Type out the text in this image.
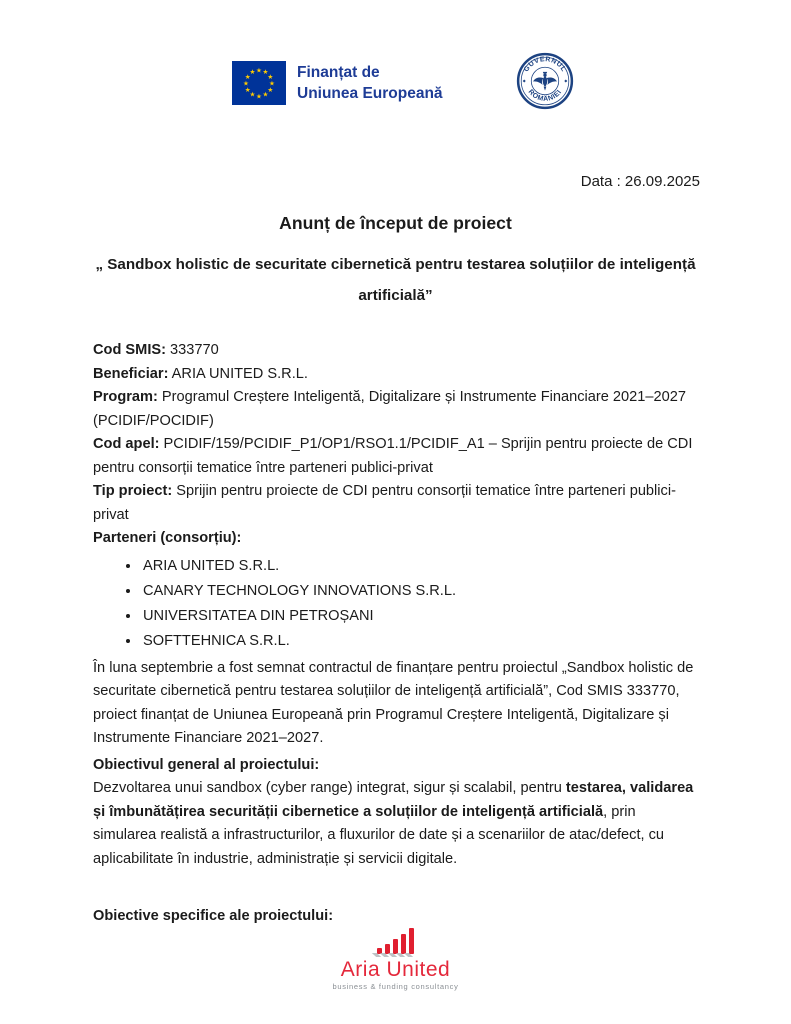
★ ★
★
★
★
★
★
★
★
★
★
★	Finanțat de
Uniunea Europeană
GUVERNUL
ROMÂNIEI

Data : 26.09.2025

Anunț de început de proiect
„ Sandbox holistic de securitate cibernetică pentru testarea soluțiilor de inteligență artificială”

Cod SMIS: 333770

Beneficiar: ARIA UNITED S.R.L.

Program: Programul Creștere Inteligentă, Digitalizare și Instrumente Financiare 2021–2027 (PCIDIF/POCIDIF)

Cod apel: PCIDIF/159/PCIDIF_P1/OP1/RSO1.1/PCIDIF_A1 – Sprijin pentru proiecte de CDI pentru consorții tematice între parteneri publici-privat

Tip proiect: Sprijin pentru proiecte de CDI pentru consorții tematice între parteneri publici-privat

Parteneri (consorțiu):

• ARIA UNITED S.R.L.
• CANARY TECHNOLOGY INNOVATIONS S.R.L.
• UNIVERSITATEA DIN PETROȘANI
• SOFTTEHNICA S.R.L.

În luna septembrie a fost semnat contractul de finanțare pentru proiectul „Sandbox holistic de securitate cibernetică pentru testarea soluțiilor de inteligență artificială”, Cod SMIS 333770, proiect finanțat de Uniunea Europeană prin Programul Creștere Inteligentă, Digitalizare și Instrumente Financiare 2021–2027.

Obiectivul general al proiectului:

Dezvoltarea unui sandbox (cyber range) integrat, sigur și scalabil, pentru testarea, validarea și îmbunătățirea securității cibernetice a soluțiilor de inteligență artificială, prin simularea realistă a infrastructurilor, a fluxurilor de date și a scenariilor de atac/defect, cu aplicabilitate în industrie, administrație și servicii digitale.

Obiective specifice ale proiectului:

Aria United
business & funding consultancy
